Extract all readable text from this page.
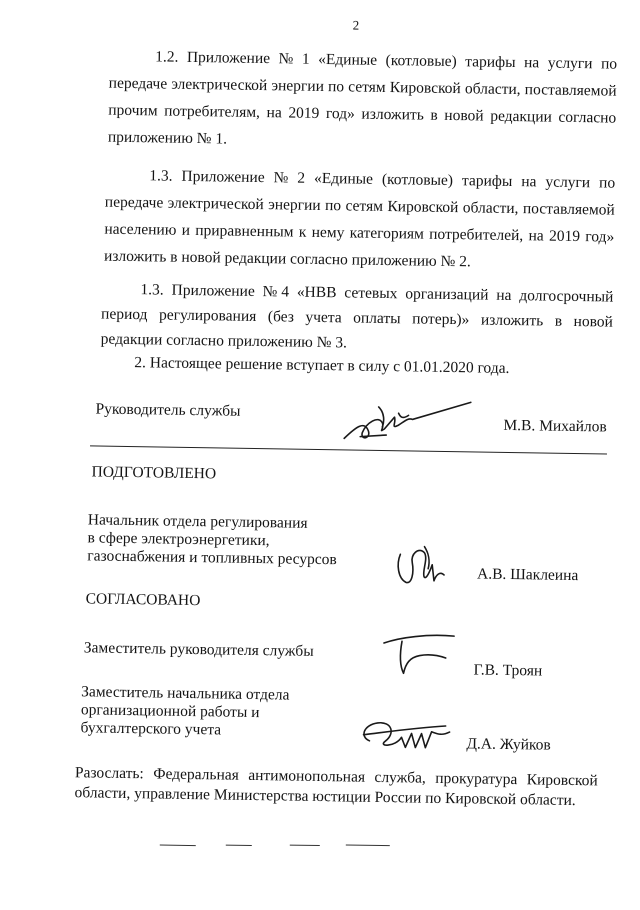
2
1.2. Приложение № 1 «Единые (котловые) тарифы на услуги по
передаче электрической энергии по сетям Кировской области, поставляемой
прочим потребителям, на 2019 год» изложить в новой редакции согласно
приложению № 1.
1.3. Приложение № 2 «Единые (котловые) тарифы на услуги по
передаче электрической энергии по сетям Кировской области, поставляемой
населению и приравненным к нему категориям потребителей, на 2019 год»
изложить в новой редакции согласно приложению № 2.
1.3. Приложение № 4 «НВВ сетевых организаций на долгосрочный
период регулирования (без учета оплаты потерь)» изложить в новой
редакции согласно приложению № 3.
2. Настоящее решение вступает в силу с 01.01.2020 года.
Руководитель службы
М.В. Михайлов
ПОДГОТОВЛЕНО
Начальник отдела регулирования
в сфере электроэнергетики,
газоснабжения и топливных ресурсов
А.В. Шаклеина
СОГЛАСОВАНО
Заместитель руководителя службы
Г.В. Троян
Заместитель начальника отдела
организационной работы и
бухгалтерского учета
Д.А. Жуйков
Разослать: Федеральная антимонопольная служба, прокуратура Кировской
области, управление Министерства юстиции России по Кировской области.
